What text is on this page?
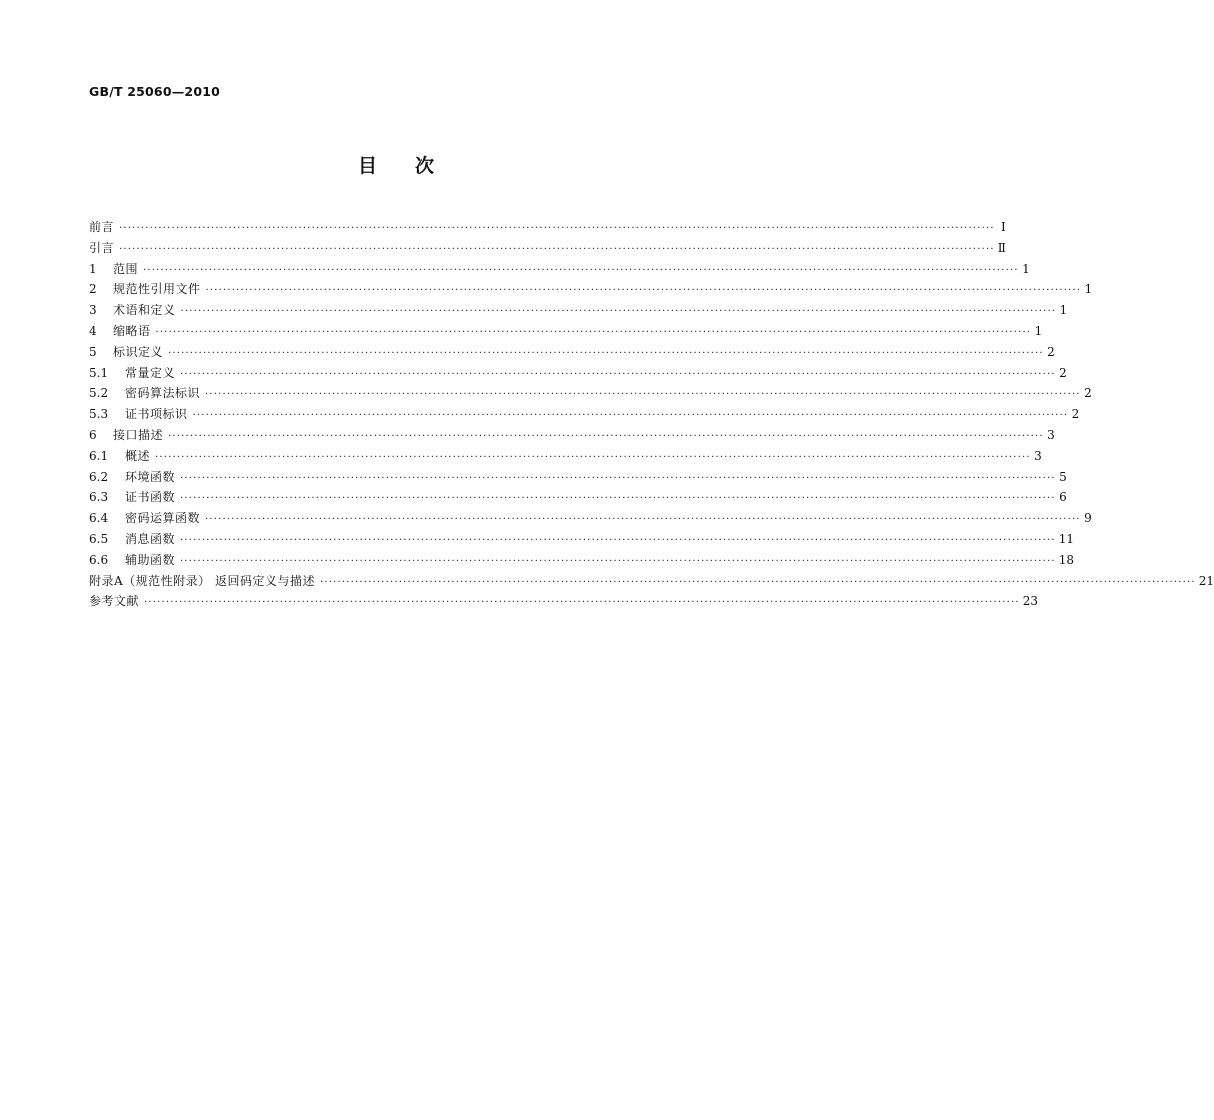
GB/T 25060—2010
目 次
前言 ········································································································································································································ Ⅰ
引言 ········································································································································································································ Ⅱ
1	范围 ········································································································································································································ 1
2	规范性引用文件 ········································································································································································································ 1
3	术语和定义 ········································································································································································································ 1
4	缩略语 ········································································································································································································ 1
5	标识定义 ········································································································································································································ 2
5.1	常量定义 ········································································································································································································ 2
5.2	密码算法标识 ········································································································································································································ 2
5.3	证书项标识 ········································································································································································································ 2
6	接口描述 ········································································································································································································ 3
6.1	概述 ········································································································································································································ 3
6.2	环境函数 ········································································································································································································ 5
6.3	证书函数 ········································································································································································································ 6
6.4	密码运算函数 ········································································································································································································ 9
6.5	消息函数 ········································································································································································································ 11
6.6	辅助函数 ········································································································································································································ 18
附录A（规范性附录） 返回码定义与描述 ········································································································································································································ 21
参考文献 ········································································································································································································ 23
